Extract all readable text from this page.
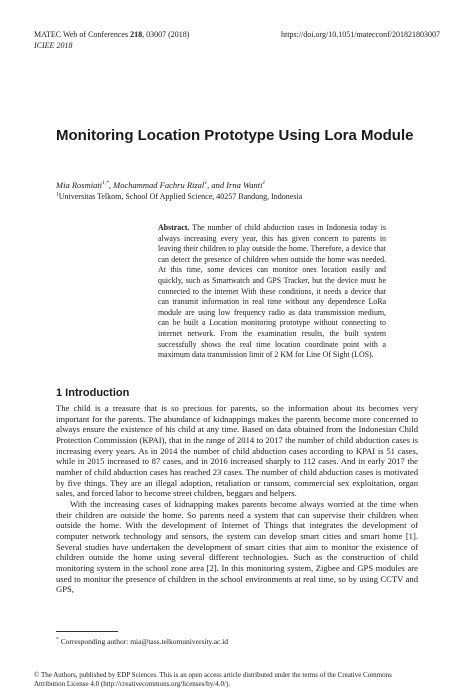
MATEC Web of Conferences 218, 03007 (2018)	https://doi.org/10.1051/matecconf/201821803007
ICIEE 2018
Monitoring Location Prototype Using Lora Module
Mia Rosmiati$^{1,*}$, Mochammad Fachru Rizal$^1$, and Irna Wanti$^1$
$^1$Universitas Telkom, School Of Applied Science, 40257 Bandung, Indonesia
Abstract. The number of child abduction cases in Indonesia today is always increasing every year, this has given concern to parents in leaving their children to play outside the home. Therefore, a device that can detect the presence of children when outside the home was needed. At this time, some devices can monitor ones location easily and quickly, such as Smartwatch and GPS Tracker, but the device must be connected to the internet With these conditions, it needs a device that can transmit information in real time without any dependence LoRa module are using low frequency radio as data transmission medium, can be built a Location monitoring prototype without connecting to internet network. From the examination results, the built system successfully shows the real time location coordinate point with a maximum data transmission limit of 2 KM for Line Of Sight (LOS).
1 Introduction

The child is a treasure that is so precious for parents, so the information about its becomes very important for the parents. The abundance of kidnappings makes the parents become more concerned to always ensure the existence of his child at any time. Based on data obtained from the Indonesian Child Protection Commission (KPAI), that in the range of 2014 to 2017 the number of child abduction cases is increasing every years. As in 2014 the number of child abduction cases according to KPAI is 51 cases, while in 2015 increased to 87 cases, and in 2016 increased sharply to 112 cases. And in early 2017 the number of child abduction cases has reached 23 cases. The number of child abduction cases is motivated by five things. They are an illegal adoption, retaliation or ransom, commercial sex exploitation, organ sales, and forced labor to become street children, beggars and helpers.

With the increasing cases of kidnapping makes parents become always worried at the time when their children are outside the home. So parents need a system that can supervise their children when outside the home. With the development of Internet of Things that integrates the development of computer network technology and sensors, the system can develop smart cities and smart home [1]. Several studies have undertaken the development of smart cities that aim to monitor the existence of children outside the home using several different technologies. Such as the construction of child monitoring system in the school zone area [2]. In this monitoring system, Zigbee and GPS modules are used to monitor the presence of children in the school environments at real time, so by using CCTV and GPS,

* Corresponding author: mia@tass.telkomuniversity.ac.id
© The Authors, published by EDP Sciences. This is an open access article distributed under the terms of the Creative Commons
Attribution License 4.0 (http://creativecommons.org/licenses/by/4.0/).
